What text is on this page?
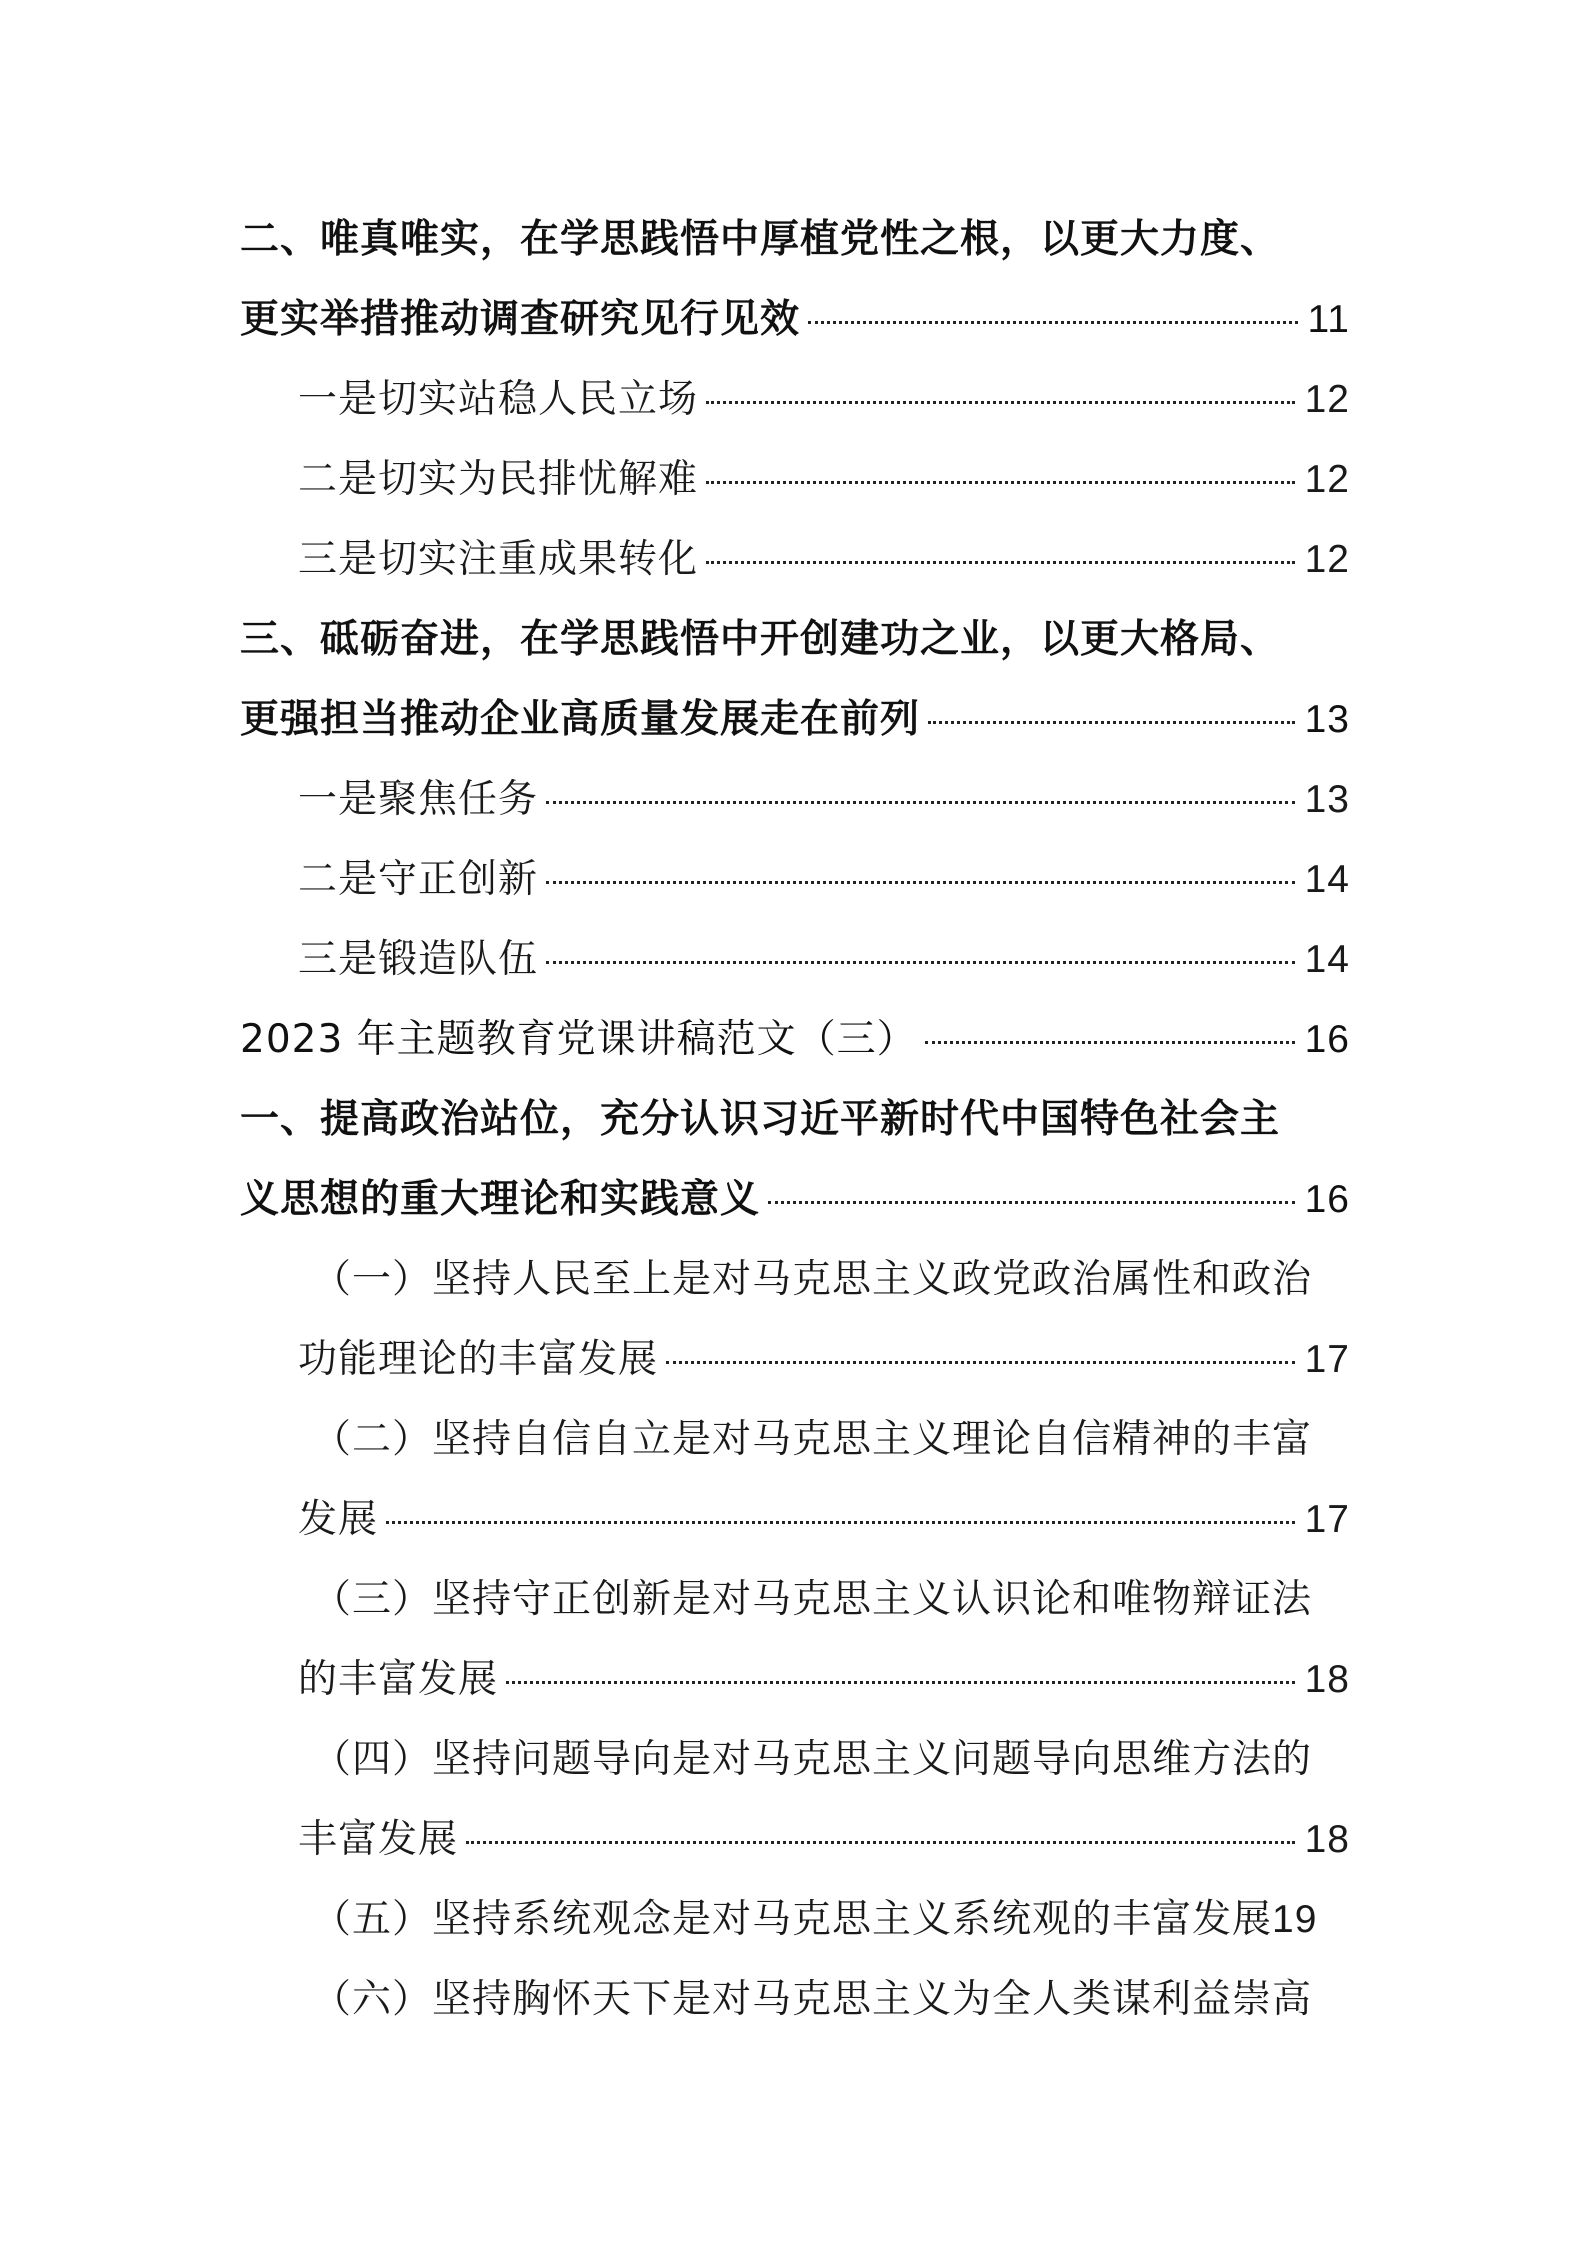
二、唯真唯实，在学思践悟中厚植党性之根，以更大力度、
更实举措推动调查研究见行见效	11
一是切实站稳人民立场	12
二是切实为民排忧解难	12
三是切实注重成果转化	12
三、砥砺奋进，在学思践悟中开创建功之业，以更大格局、
更强担当推动企业高质量发展走在前列	13
一是聚焦任务	13
二是守正创新	14
三是锻造队伍	14
2023 年主题教育党课讲稿范文（三）	16
一、提高政治站位，充分认识习近平新时代中国特色社会主
义思想的重大理论和实践意义	16
（一）坚持人民至上是对马克思主义政党政治属性和政治
功能理论的丰富发展	17
（二）坚持自信自立是对马克思主义理论自信精神的丰富
发展	17
（三）坚持守正创新是对马克思主义认识论和唯物辩证法
的丰富发展	18
（四）坚持问题导向是对马克思主义问题导向思维方法的
丰富发展	18
（五）坚持系统观念是对马克思主义系统观的丰富发展 19
（六）坚持胸怀天下是对马克思主义为全人类谋利益崇高
